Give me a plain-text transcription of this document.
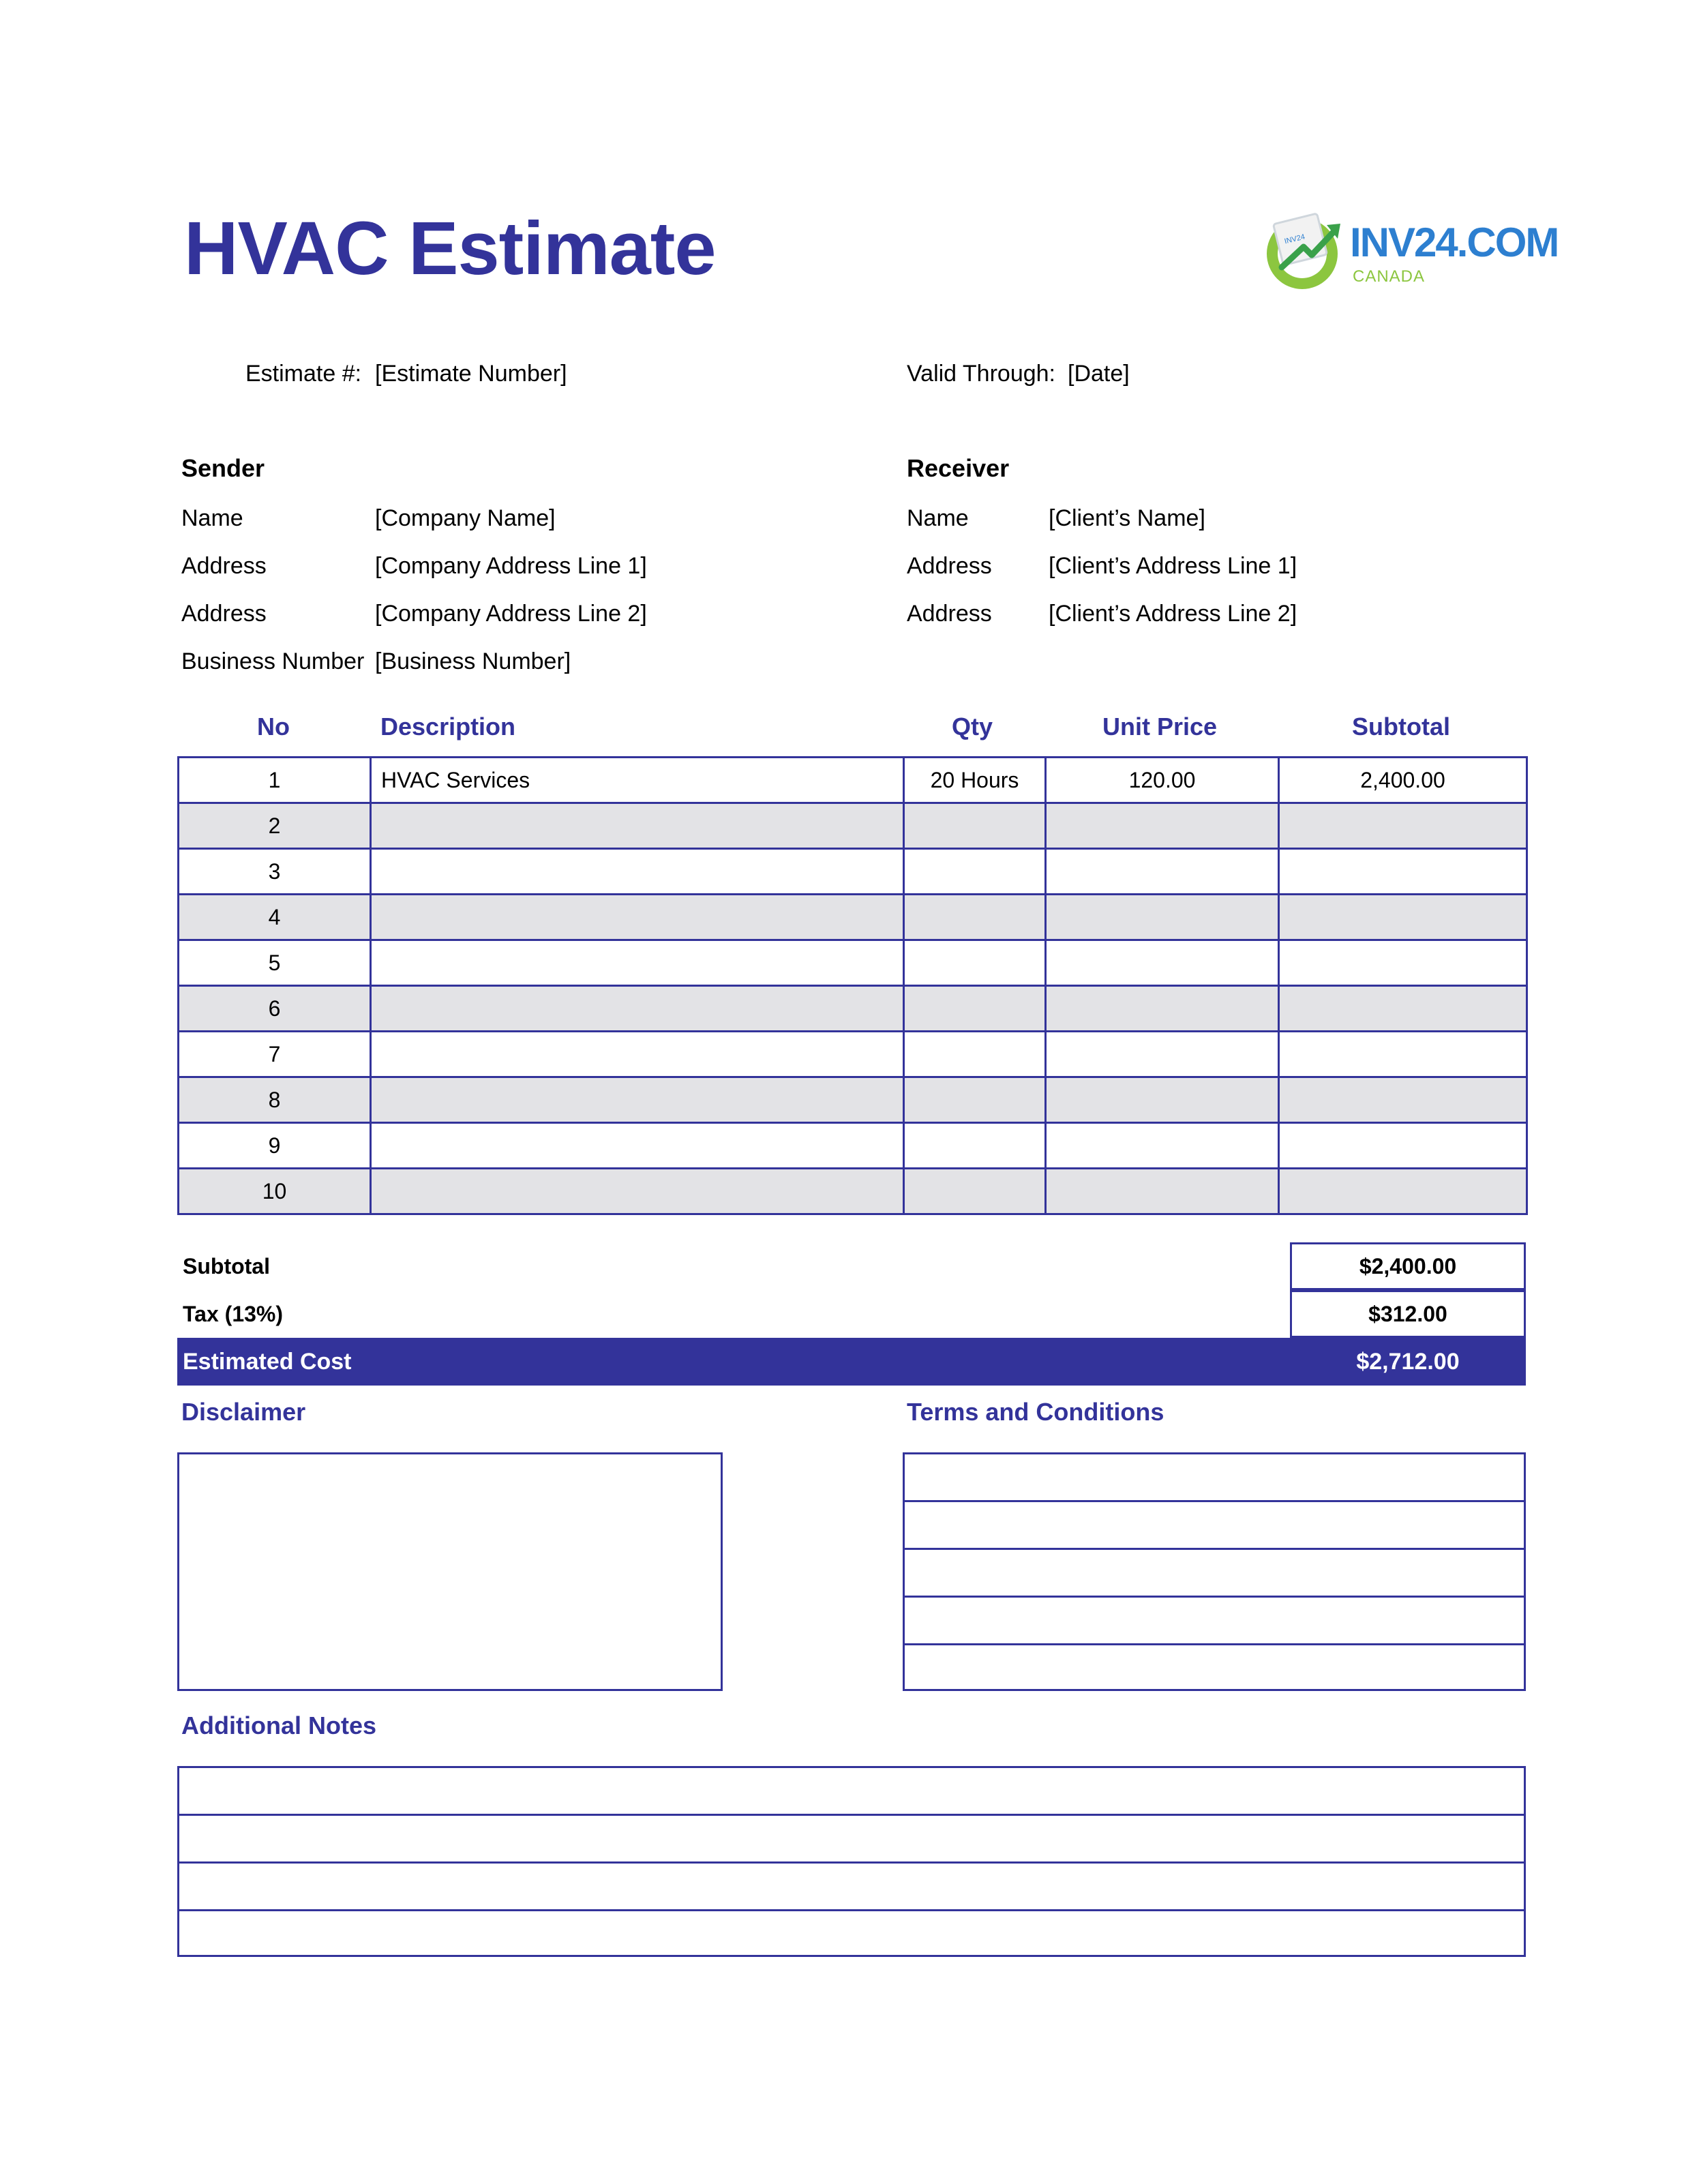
HVAC Estimate	INV24 INV24.COM
CANADA
Estimate #: [Estimate Number]	Valid Through: [Date]
Sender
Name	[Company Name]
Address	[Company Address Line 1]
Address	[Company Address Line 2]
Business Number [Business Number]
Receiver
Name	[Client’s Name]
Address [Client’s Address Line 1]
Address [Client’s Address Line 2]
No	Description	Qty	Unit Price	Subtotal
1	HVAC Services	20 Hours	120.00	2,400.00
2				
3				
4				
5				
6				
7				
8				
9				
10				
Subtotal	$2,400.00
Tax (13%)	$312.00
Estimated Cost	$2,712.00
Disclaimer	Terms and Conditions
Additional Notes
